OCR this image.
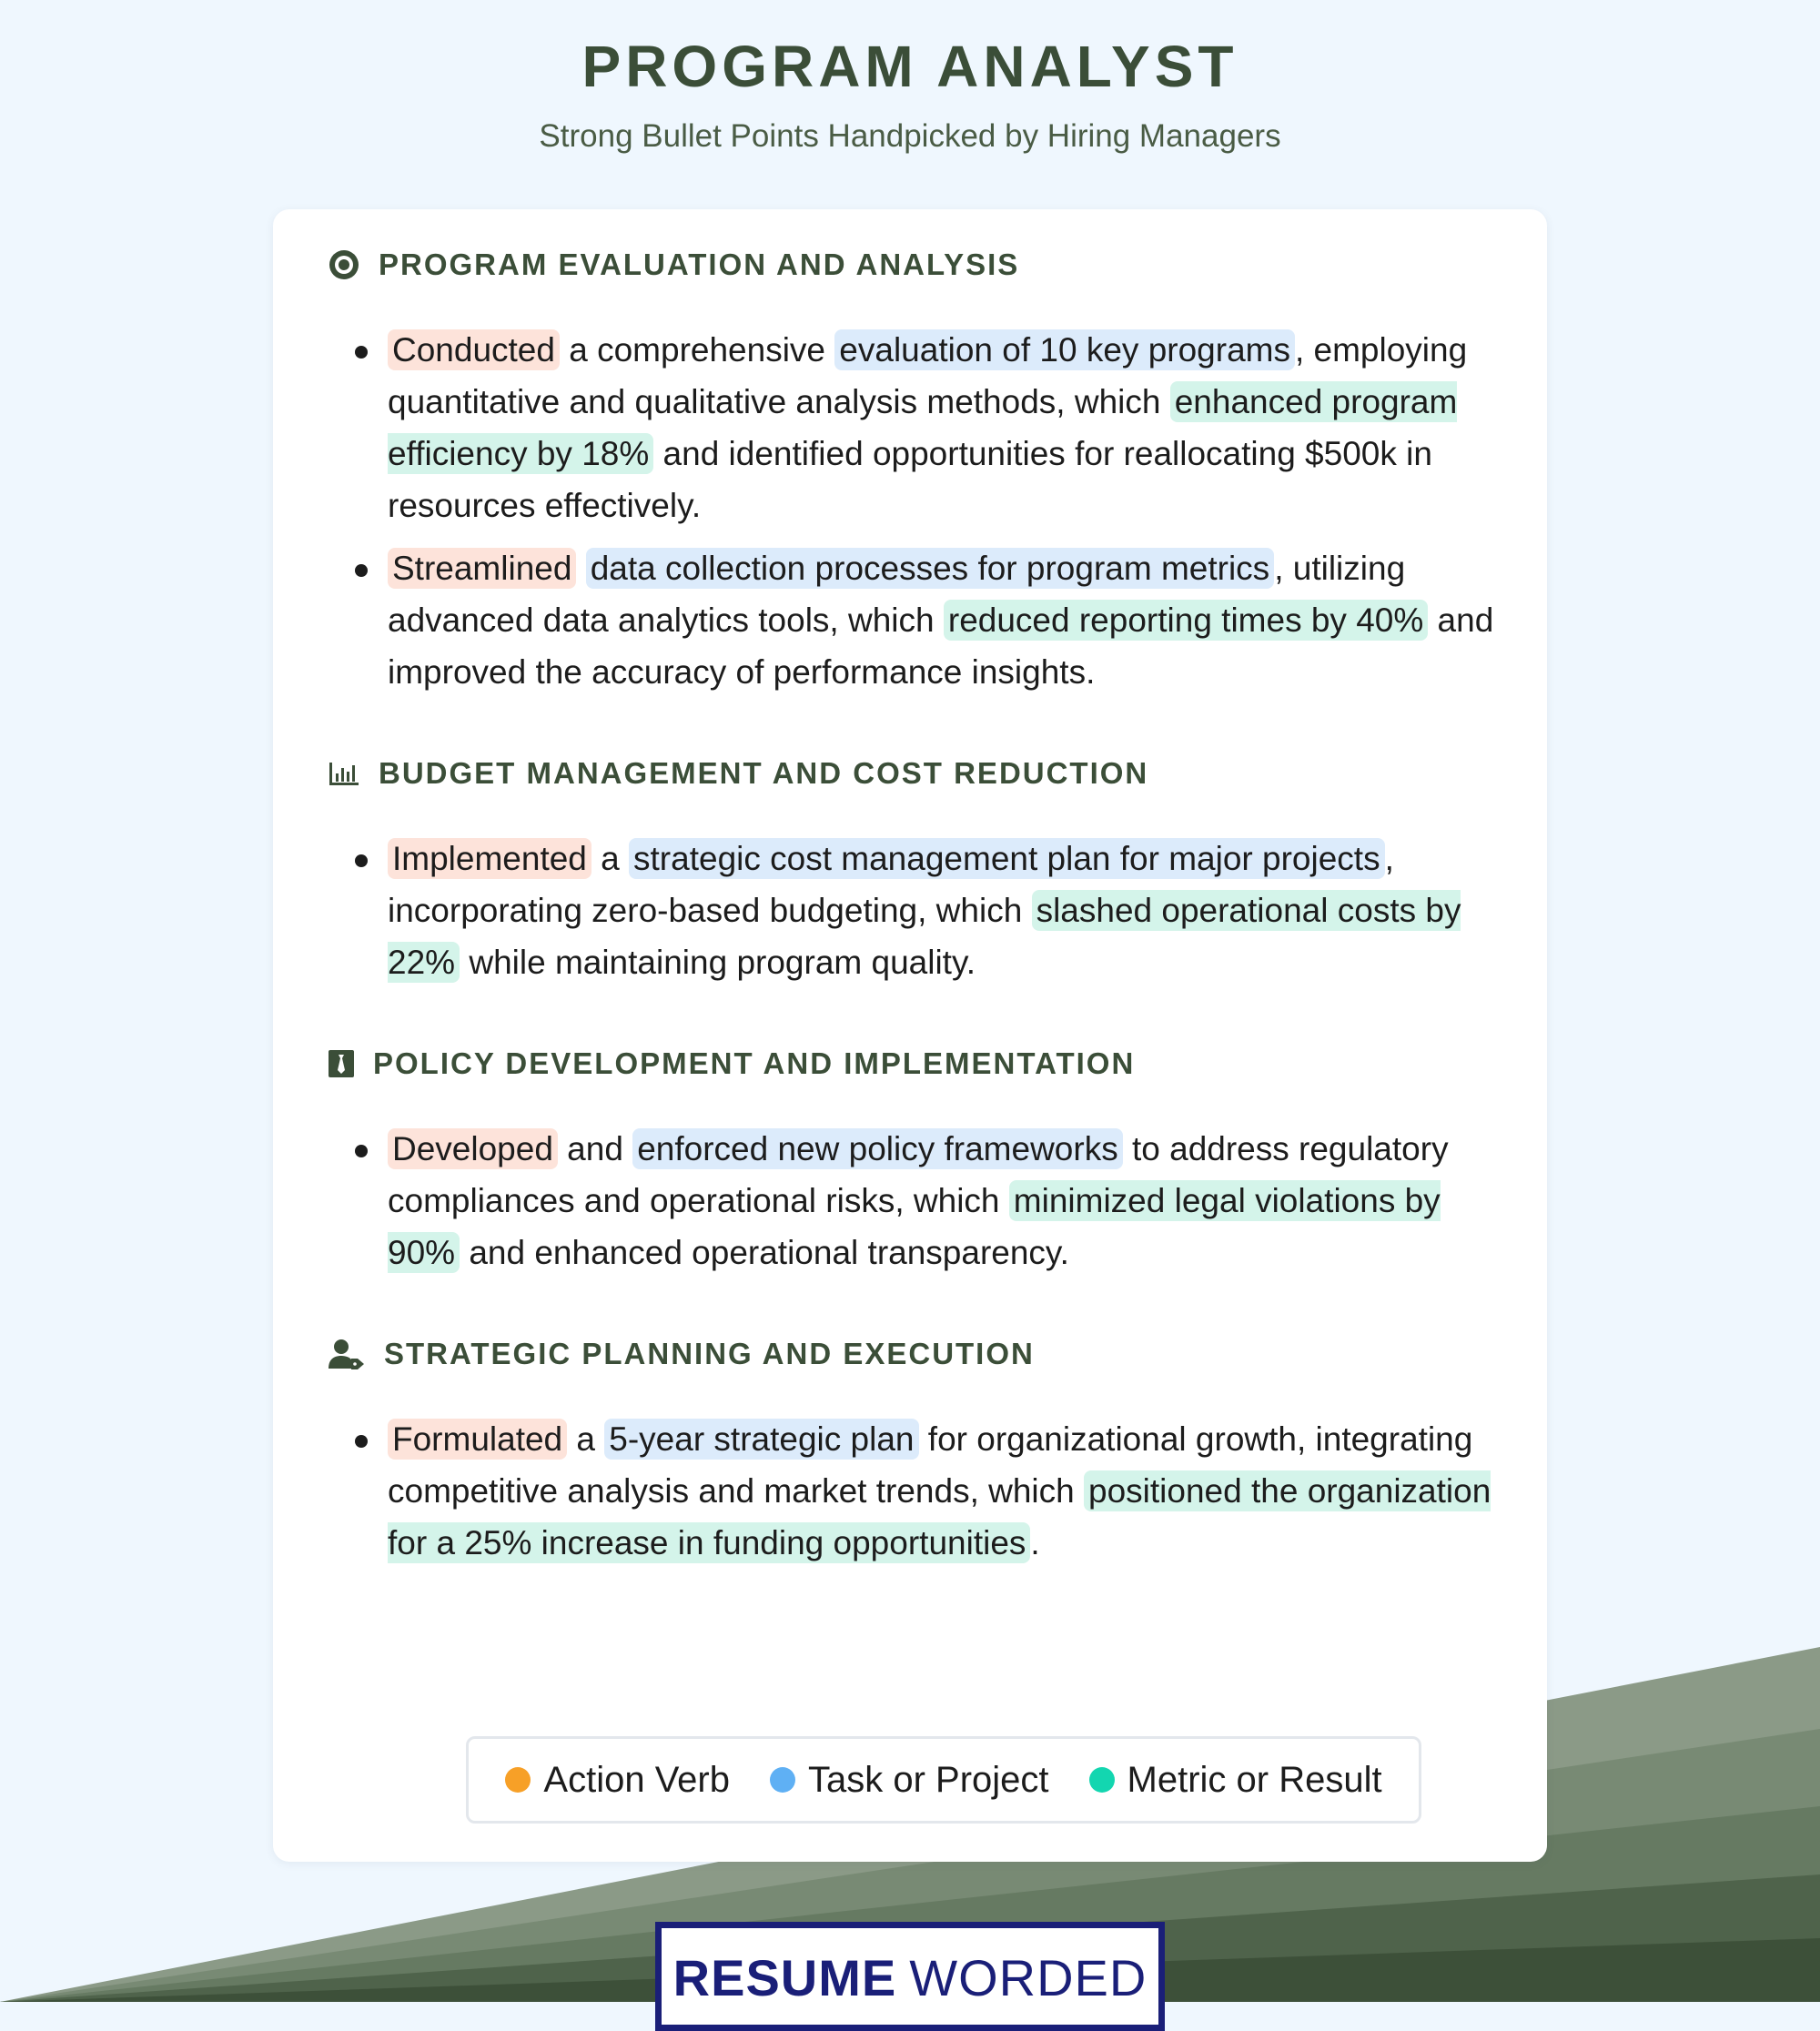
PROGRAM ANALYST
Strong Bullet Points Handpicked by Hiring Managers
PROGRAM EVALUATION AND ANALYSIS
Conducted a comprehensive evaluation of 10 key programs , employing quantitative and qualitative analysis methods, which enhanced program efficiency by 18% and identified opportunities for reallocating $500k in resources effectively.
Streamlined data collection processes for program metrics , utilizing advanced data analytics tools, which reduced reporting times by 40% and improved the accuracy of performance insights.
BUDGET MANAGEMENT AND COST REDUCTION
Implemented a strategic cost management plan for major projects , incorporating zero-based budgeting, which slashed operational costs by 22% while maintaining program quality.
POLICY DEVELOPMENT AND IMPLEMENTATION
Developed and enforced new policy frameworks to address regulatory compliances and operational risks, which minimized legal violations by 90% and enhanced operational transparency.
STRATEGIC PLANNING AND EXECUTION
Formulated a 5-year strategic plan for organizational growth, integrating competitive analysis and market trends, which positioned the organization for a 25% increase in funding opportunities .
Action Verb Task or Project Metric or Result
RESUME WORDED
